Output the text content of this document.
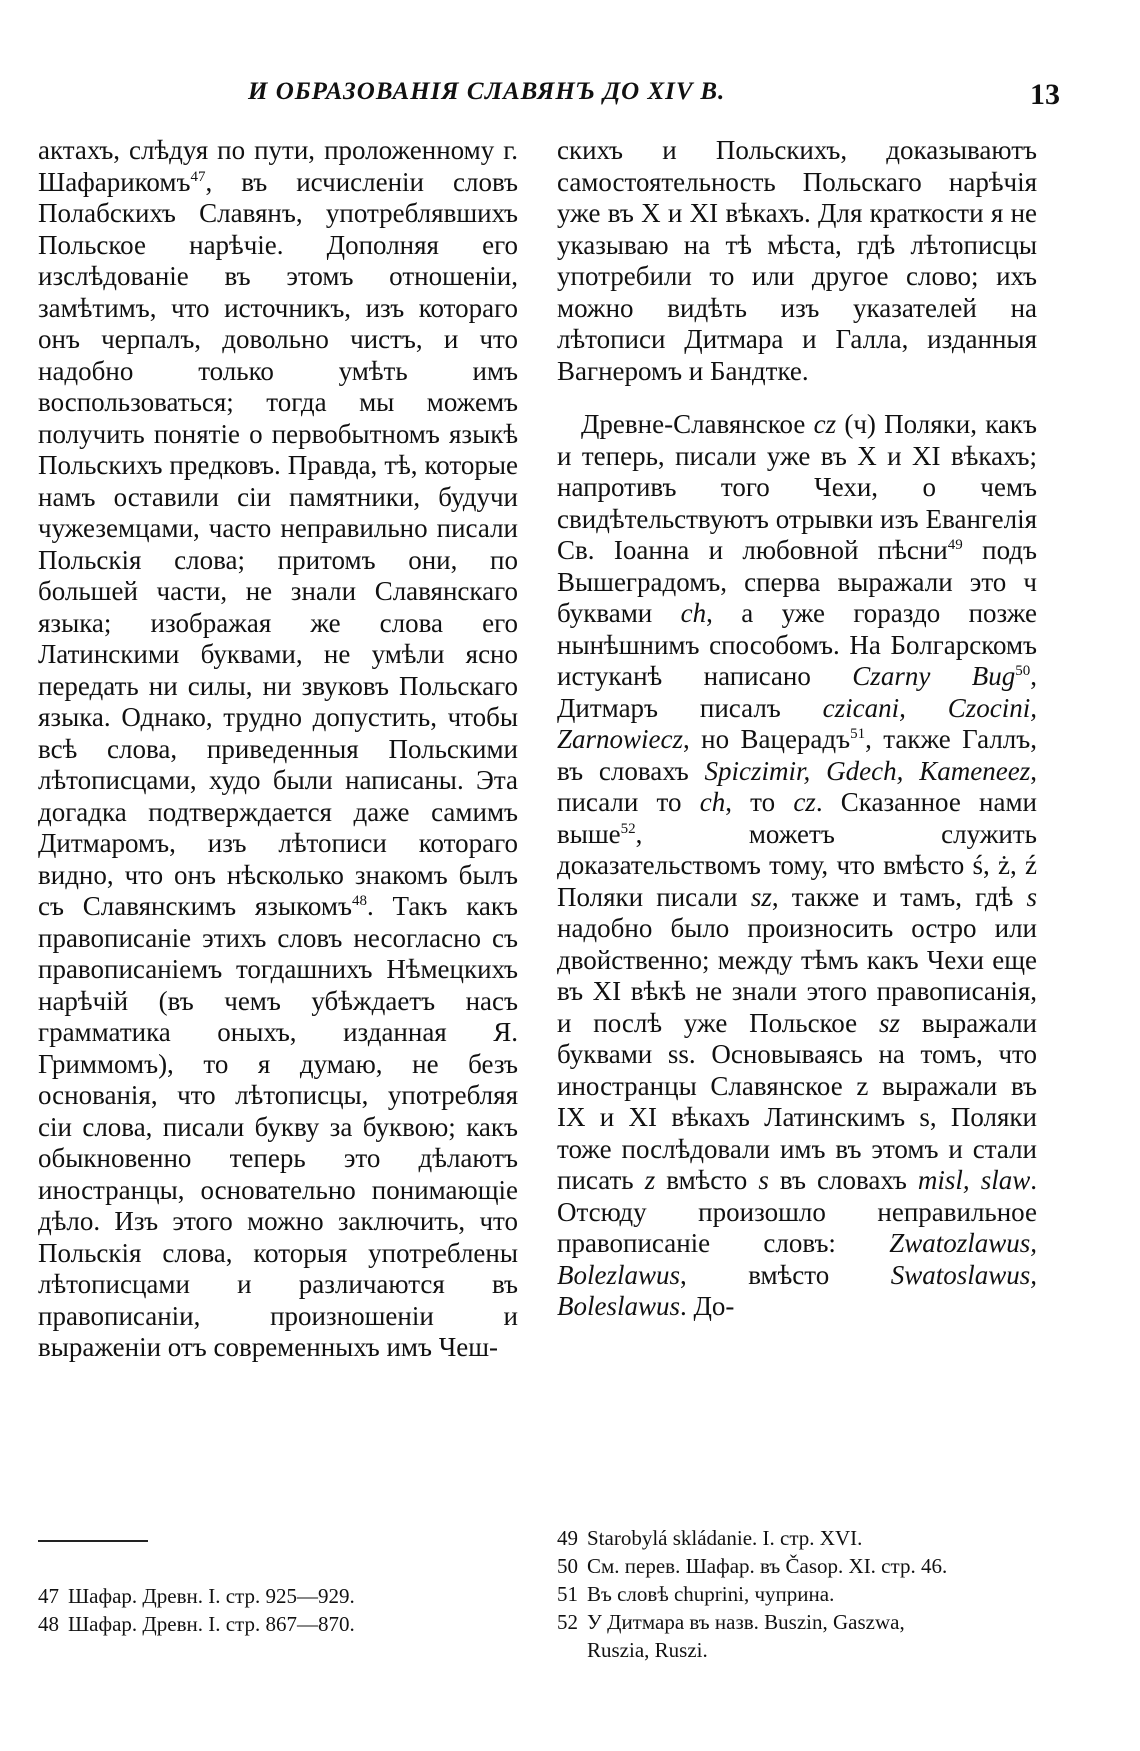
И ОБРАЗОВАНІЯ СЛАВЯНЪ ДО XIV В.	13

актахъ, слѣдуя по пути, проложенному г. Шафарикомъ$^{47}$, въ исчисленіи словъ Полабскихъ Славянъ, употреблявшихъ Польское нарѣчіе. Дополняя его изслѣдованіе въ этомъ отношеніи, замѣтимъ, что источникъ, изъ котораго онъ черпалъ, довольно чистъ, и что надобно только умѣть имъ воспользоваться; тогда мы можемъ получить понятіе о первобытномъ языкѣ Польскихъ предковъ. Правда, тѣ, которые намъ оставили сіи памятники, будучи чужеземцами, часто неправильно писали Польскія слова; притомъ они, по большей части, не знали Славянскаго языка; изображая же слова его Латинскими буквами, не умѣли ясно передать ни силы, ни звуковъ Польскаго языка. Однако, трудно допустить, чтобы всѣ слова, приведенныя Польскими лѣтописцами, худо были написаны. Эта догадка подтверждается даже самимъ Дитмаромъ, изъ лѣтописи котораго видно, что онъ нѣсколько знакомъ былъ съ Славянскимъ языкомъ$^{48}$. Такъ какъ правописаніе этихъ словъ несогласно съ правописаніемъ тогдашнихъ Нѣмецкихъ нарѣчій (въ чемъ убѣждаетъ насъ грамматика оныхъ, изданная Я. Гриммомъ), то я думаю, не безъ основанія, что лѣтописцы, употребляя сіи слова, писали букву за буквою; какъ обыкновенно теперь это дѣлаютъ иностранцы, основательно понимающіе дѣло. Изъ этого можно заключить, что Польскія слова, которыя употреблены лѣтописцами и различаются въ правописаніи, произношеніи и выраженіи отъ современныхъ имъ Чеш-

скихъ и Польскихъ, доказываютъ самостоятельность Польскаго нарѣчія уже въ X и XI вѣкахъ. Для краткости я не указываю на тѣ мѣста, гдѣ лѣтописцы употребили то или другое слово; ихъ можно видѣть изъ указателей на лѣтописи Дитмара и Галла, изданныя Вагнеромъ и Бандтке.

Древне-Славянское cz (ч) Поляки, какъ и теперь, писали уже въ X и XI вѣкахъ; напротивъ того Чехи, о чемъ свидѣтельствуютъ отрывки изъ Евангелія Св. Іоанна и любовной пѣсни$^{49}$ подъ Вышеградомъ, сперва выражали это ч буквами ch, а уже гораздо позже нынѣшнимъ способомъ. На Болгарскомъ истуканѣ написано Czarny Bug$^{50}$, Дитмаръ писалъ czicani, Czocini, Zarnowiecz, но Вацерадъ$^{51}$, также Галлъ, въ словахъ Spiczimir, Gdech, Kameneez, писали то ch, то cz. Сказанное нами выше$^{52}$, можетъ служить доказательствомъ тому, что вмѣсто ś, ż, ź Поляки писали sz, также и тамъ, гдѣ s надобно было произносить остро или двойственно; между тѣмъ какъ Чехи еще въ XI вѣкѣ не знали этого правописанія, и послѣ уже Польское sz выражали буквами ss. Основываясь на томъ, что иностранцы Славянское z выражали въ IX и XI вѣкахъ Латинскимъ s, Поляки тоже послѣдовали имъ въ этомъ и стали писать z вмѣсто s въ словахъ misl, slaw. Отсюду произошло неправильное правописаніе словъ: Zwatozlawus, Bolezlawus, вмѣсто Swatoslawus, Boleslawus. До-

47 Шафар. Древн. I. стр. 925—929.
48 Шафар. Древн. I. стр. 867—870.
49 Starobylá skládanie. I. стр. XVI.
50 См. перев. Шафар. въ Časop. XI. стр. 46.
51 Въ словѣ chuprini, чуприна.
52 У Дитмара въ назв. Buszin, Gaszwa,
Ruszia, Ruszi.
